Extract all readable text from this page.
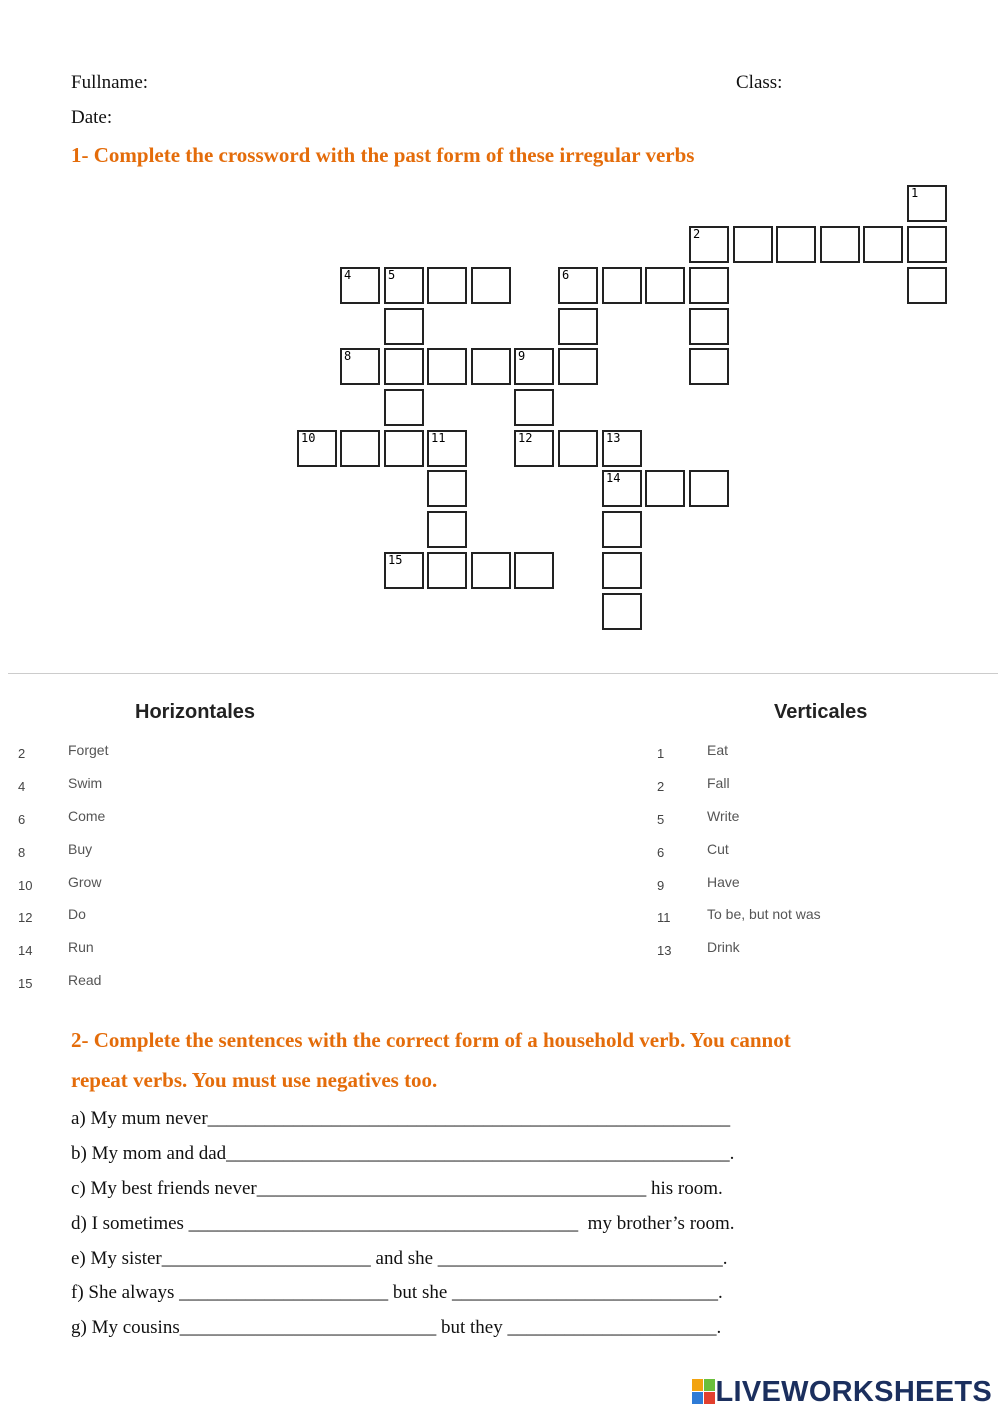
Fullname:	Class:
Date:
1- Complete the crossword with the past form of these irregular verbs
1
2
4	5	6
8	9
10	11	12	13
14
15
Horizontales	Verticales
2	Forget
4	Swim
6	Come
8	Buy
10	Grow
12	Do
14	Run
15	Read
1	Eat
2	Fall
5	Write
6	Cut
9	Have
11	To be, but not was
13	Drink
2- Complete the sentences with the correct form of a household verb. You cannot
repeat verbs. You must use negatives too.
a) My mum never_______________________________________________________
b) My mom and dad_____________________________________________________.
c) My best friends never_________________________________________ his room.
d) I sometimes _________________________________________  my brother’s room.
e) My sister______________________ and she ______________________________.
f) She always ______________________ but she ____________________________.
g) My cousins___________________________ but they ______________________.
LIVEWORKSHEETS
